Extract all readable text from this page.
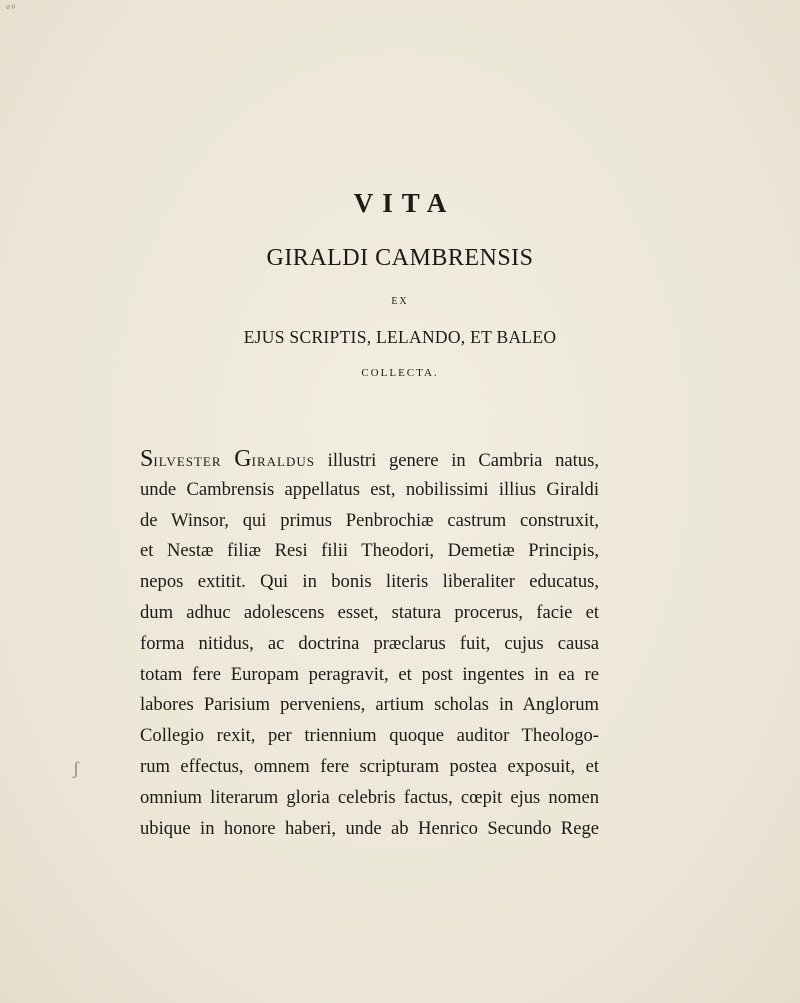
ᵘᵘ
ʃ
VITA
GIRALDI CAMBRENSIS
EX
EJUS SCRIPTIS, LELANDO, ET BALEO
COLLECTA.
Silvester Giraldus illustri genere in Cambria natus,
unde Cambrensis appellatus est, nobilissimi illius Giraldi
de Winsor, qui primus Penbrochiæ castrum construxit,
et Nestæ filiæ Resi filii Theodori, Demetiæ Principis,
nepos extitit. Qui in bonis literis liberaliter educatus,
dum adhuc adolescens esset, statura procerus, facie et
forma nitidus, ac doctrina præclarus fuit, cujus causa
totam fere Europam peragravit, et post ingentes in ea re
labores Parisium perveniens, artium scholas in Anglorum
Collegio rexit, per triennium quoque auditor Theologo-
rum effectus, omnem fere scripturam postea exposuit, et
omnium literarum gloria celebris factus, cœpit ejus nomen
ubique in honore haberi, unde ab Henrico Secundo Rege
